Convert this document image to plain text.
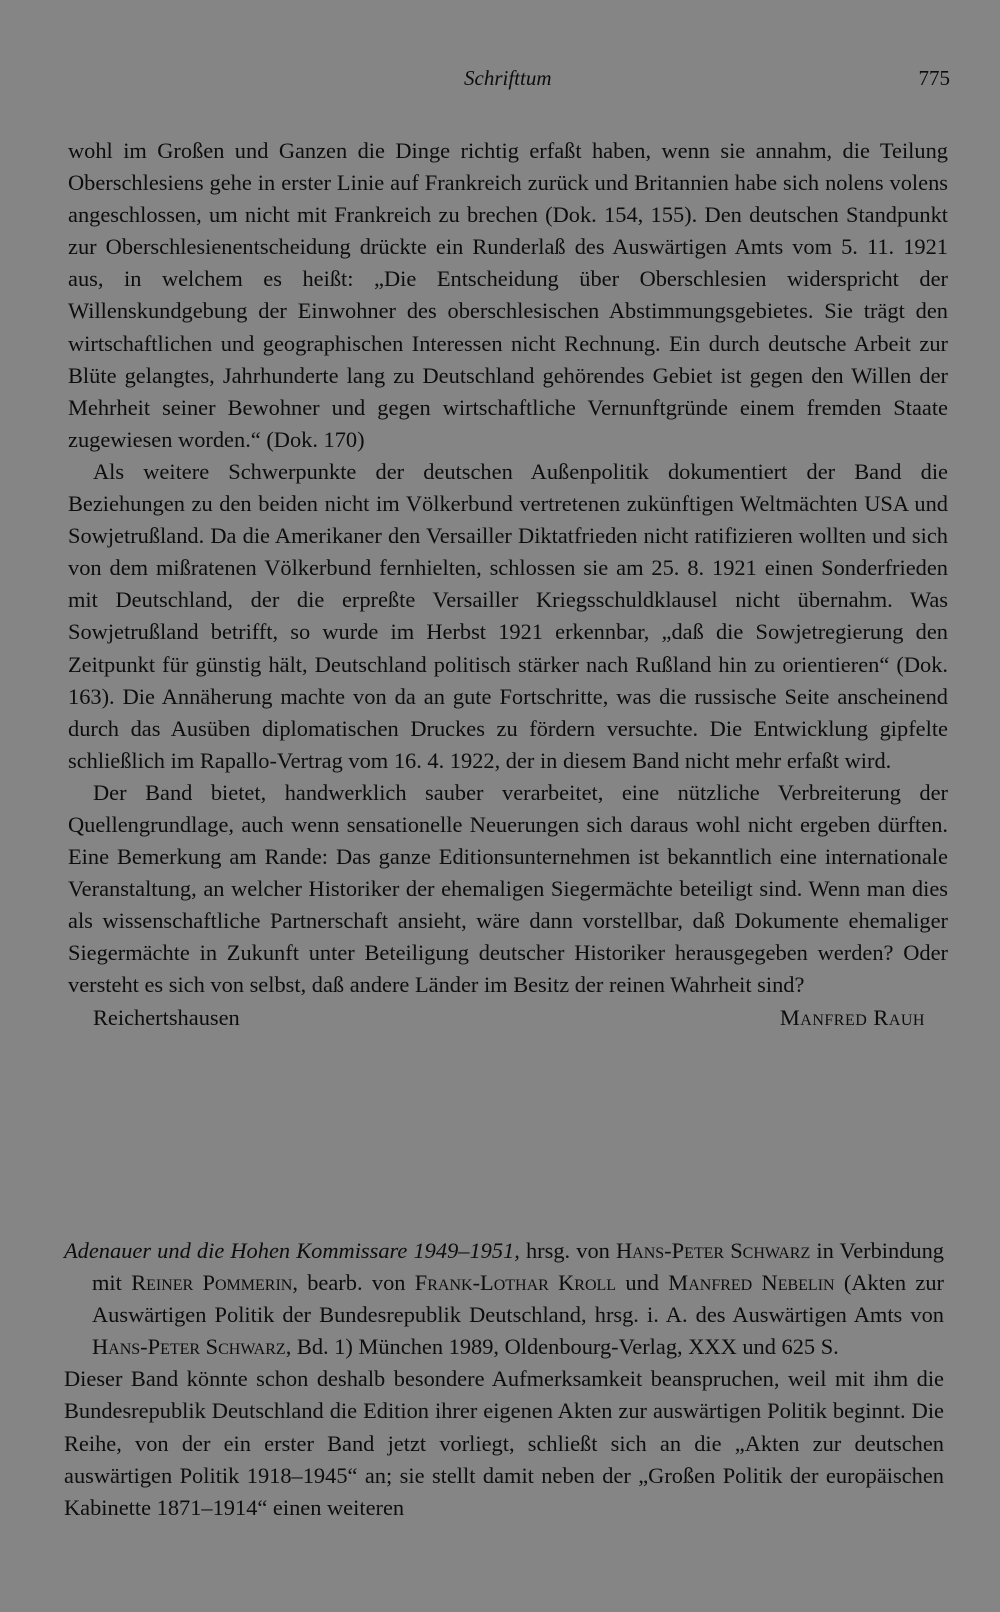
Schrifttum	775

wohl im Großen und Ganzen die Dinge richtig erfaßt haben, wenn sie annahm, die Teilung Oberschlesiens gehe in erster Linie auf Frankreich zurück und Britannien habe sich nolens volens angeschlossen, um nicht mit Frankreich zu brechen (Dok. 154, 155). Den deutschen Standpunkt zur Oberschlesienentscheidung drückte ein Runderlaß des Auswärtigen Amts vom 5. 11. 1921 aus, in welchem es heißt: „Die Entscheidung über Oberschlesien widerspricht der Willenskundgebung der Einwohner des oberschlesischen Abstimmungsgebietes. Sie trägt den wirtschaftlichen und geographischen Interessen nicht Rechnung. Ein durch deutsche Arbeit zur Blüte gelangtes, Jahrhunderte lang zu Deutschland gehörendes Gebiet ist gegen den Willen der Mehrheit seiner Bewohner und gegen wirtschaftliche Vernunftgründe einem fremden Staate zugewiesen worden.“ (Dok. 170)

Als weitere Schwerpunkte der deutschen Außenpolitik dokumentiert der Band die Beziehungen zu den beiden nicht im Völkerbund vertretenen zukünftigen Weltmächten USA und Sowjetrußland. Da die Amerikaner den Versailler Diktatfrieden nicht ratifizieren wollten und sich von dem mißratenen Völkerbund fernhielten, schlossen sie am 25. 8. 1921 einen Sonderfrieden mit Deutschland, der die erpreßte Versailler Kriegsschuldklausel nicht übernahm. Was Sowjetrußland betrifft, so wurde im Herbst 1921 erkennbar, „daß die Sowjetregierung den Zeitpunkt für günstig hält, Deutschland politisch stärker nach Rußland hin zu orientieren“ (Dok. 163). Die Annäherung machte von da an gute Fortschritte, was die russische Seite anscheinend durch das Ausüben diplomatischen Druckes zu fördern versuchte. Die Entwicklung gipfelte schließlich im Rapallo-Vertrag vom 16. 4. 1922, der in diesem Band nicht mehr erfaßt wird.

Der Band bietet, handwerklich sauber verarbeitet, eine nützliche Verbreiterung der Quellengrundlage, auch wenn sensationelle Neuerungen sich daraus wohl nicht ergeben dürften. Eine Bemerkung am Rande: Das ganze Editionsunternehmen ist bekanntlich eine internationale Veranstaltung, an welcher Historiker der ehemaligen Siegermächte beteiligt sind. Wenn man dies als wissenschaftliche Partnerschaft ansieht, wäre dann vorstellbar, daß Dokumente ehemaliger Siegermächte in Zukunft unter Beteiligung deutscher Historiker herausgegeben werden? Oder versteht es sich von selbst, daß andere Länder im Besitz der reinen Wahrheit sind?

Reichertshausen	Manfred Rauh

Adenauer und die Hohen Kommissare 1949–1951, hrsg. von Hans-Peter Schwarz in Verbindung mit Reiner Pommerin, bearb. von Frank-Lothar Kroll und Manfred Nebelin (Akten zur Auswärtigen Politik der Bundesrepublik Deutschland, hrsg. i. A. des Auswärtigen Amts von Hans-Peter Schwarz, Bd. 1) München 1989, Oldenbourg-Verlag, XXX und 625 S.

Dieser Band könnte schon deshalb besondere Aufmerksamkeit beanspruchen, weil mit ihm die Bundesrepublik Deutschland die Edition ihrer eigenen Akten zur auswärtigen Politik beginnt. Die Reihe, von der ein erster Band jetzt vorliegt, schließt sich an die „Akten zur deutschen auswärtigen Politik 1918–1945“ an; sie stellt damit neben der „Großen Politik der europäischen Kabinette 1871–1914“ einen weiteren
